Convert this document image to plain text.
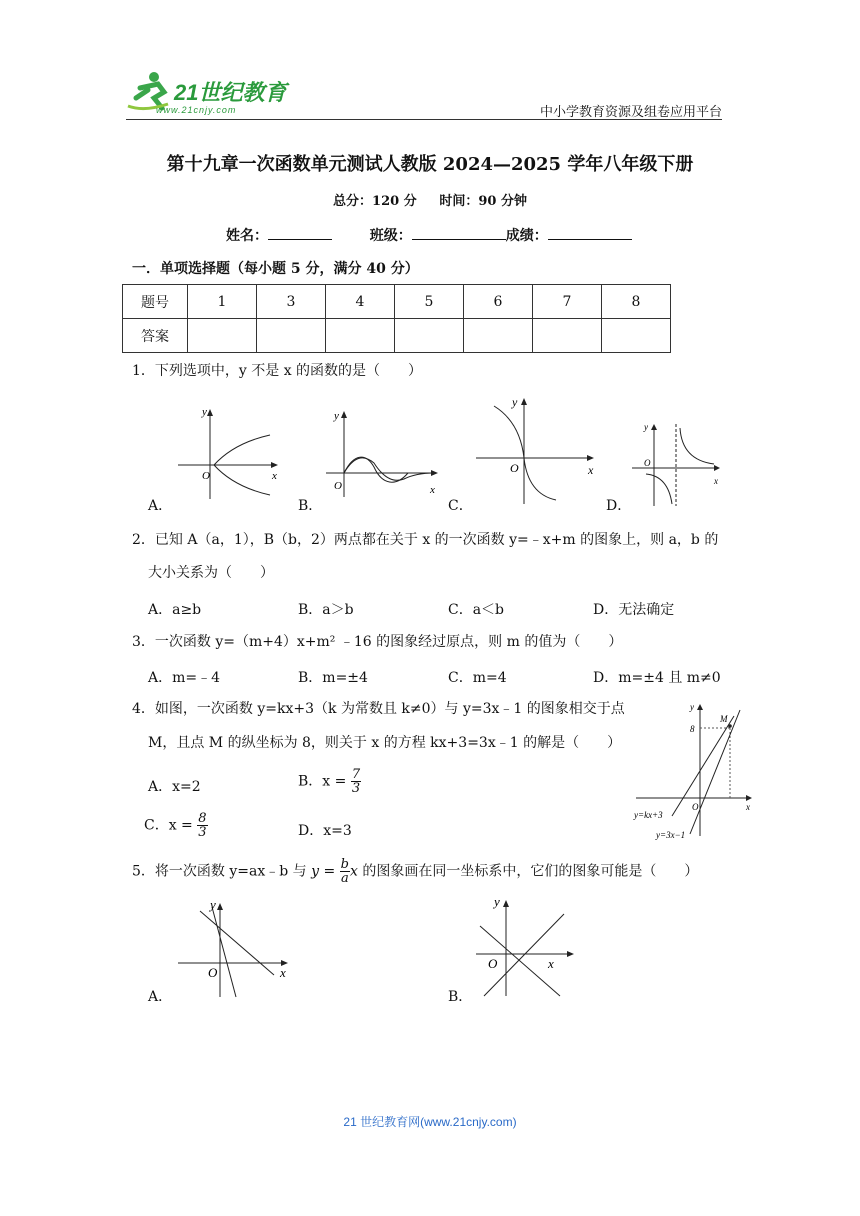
21世纪教育
www.21cnjy.com	中小学教育资源及组卷应用平台
第十九章一次函数单元测试人教版 2024—2025 学年八年级下册
总分：120 分 时间：90 分钟
姓名：	班级：	成绩：
一．单项选择题（每小题 5 分，满分 40 分）
题号	1	3	4	5	6	7	8
答案							
1．下列选项中，y 不是 x 的函数的是（　　）
A．
y
x
O
B．
y
x
O
C．
y
x
O
D．
y
x
O
2．已知 A（a，1），B（b，2）两点都在关于 x 的一次函数 y=﹣x+m 的图象上，则 a，b 的
大小关系为（　　）
A．a≥b	B．a＞b	C．a＜b	D．无法确定
3．一次函数 y=（m+4）x+m² ﹣16 的图象经过原点，则 m 的值为（　　）
A．m=﹣4	B．m=±4	C．m=4	D．m=±4 且 m≠0
4．如图，一次函数 y=kx+3（k 为常数且 k≠0）与 y=3x﹣1 的图象相交于点
M，且点 M 的纵坐标为 8，则关于 x 的方程 kx+3=3x﹣1 的解是（　　）
A．x=2	B．$x = \frac{7}{3}$
C．$x = \frac{8}{3}$	D．x=3
y
x
8
M
O
y=kx+3
y=3x−1
5．将一次函数 y=ax﹣b 与 $y = \frac{b}{a}$ x 的图象画在同一坐标系中，它们的图象可能是（　　）
A．
y
x
O
B．
y
x
O
21 世纪教育网(www.21cnjy.com)
